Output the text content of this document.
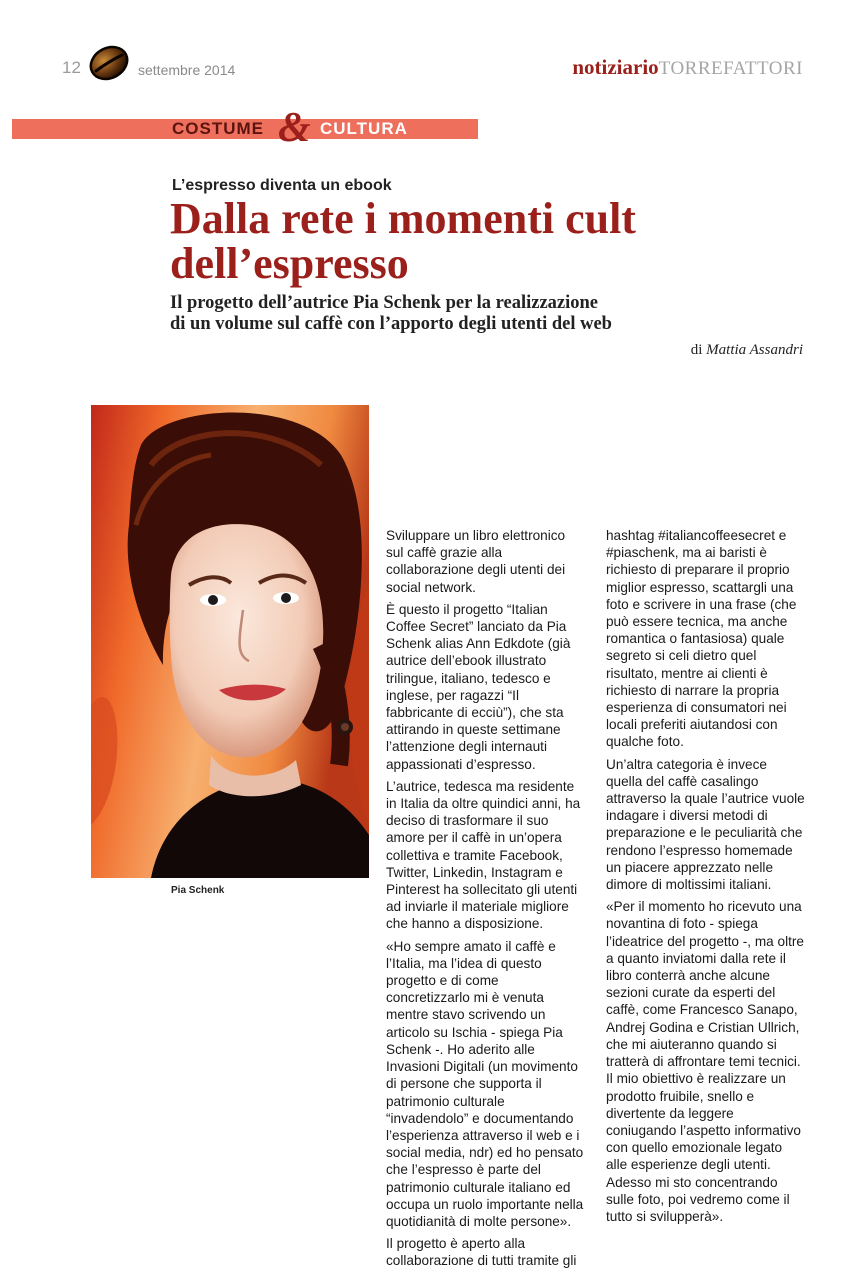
12	settembre 2014	notiziarioTORREFATTORI
COSTUME & CULTURA
L’espresso diventa un ebook
Dalla rete i momenti cult dell’espresso
Il progetto dell’autrice Pia Schenk per la realizzazione
di un volume sul caffè con l’apporto degli utenti del web
di Mattia Assandri
Pia Schenk

Sviluppare un libro elettronico sul caffè grazie alla collaborazione degli utenti dei social network.

È questo il progetto “Italian Coffee Secret” lanciato da Pia Schenk alias Ann Edkdote (già autrice dell’ebook illustrato trilingue, italiano, tedesco e inglese, per ragazzi “Il fabbricante di ecciù”), che sta attirando in queste settimane l’attenzione degli internauti appassionati d’espresso.

L’autrice, tedesca ma residente in Italia da oltre quindici anni, ha deciso di trasformare il suo amore per il caffè in un’opera collettiva e tramite Facebook, Twitter, Linkedin, Instagram e Pinterest ha sollecitato gli utenti ad inviarle il materiale migliore che hanno a disposizione.

«Ho sempre amato il caffè e l’Italia, ma l’idea di questo progetto e di come concretizzarlo mi è venuta mentre stavo scrivendo un articolo su Ischia - spiega Pia Schenk -. Ho aderito alle Invasioni Digitali (un movimento di persone che supporta il patrimonio culturale “invadendolo” e documentando l’esperienza attraverso il web e i social media, ndr) ed ho pensato che l’espresso è parte del patrimonio culturale italiano ed occupa un ruolo importante nella quotidianità di molte persone».

Il progetto è aperto alla collaborazione di tutti tramite gli

hashtag #italiancoffeesecret e #piaschenk, ma ai baristi è richiesto di preparare il proprio miglior espresso, scattargli una foto e scrivere in una frase (che può essere tecnica, ma anche romantica o fantasiosa) quale segreto si celi dietro quel risultato, mentre ai clienti è richiesto di narrare la propria esperienza di consumatori nei locali preferiti aiutandosi con qualche foto.

Un’altra categoria è invece quella del caffè casalingo attraverso la quale l’autrice vuole indagare i diversi metodi di preparazione e le peculiarità che rendono l’espresso homemade un piacere apprezzato nelle dimore di moltissimi italiani.

«Per il momento ho ricevuto una novantina di foto - spiega l’ideatrice del progetto -, ma oltre a quanto inviatomi dalla rete il libro conterrà anche alcune sezioni curate da esperti del caffè, come Francesco Sanapo, Andrej Godina e Cristian Ullrich, che mi aiuteranno quando si tratterà di affrontare temi tecnici. Il mio obiettivo è realizzare un prodotto fruibile, snello e divertente da leggere coniugando l’aspetto informativo con quello emozionale legato alle esperienze degli utenti. Adesso mi sto concentrando sulle foto, poi vedremo come il tutto si svilupperà».
